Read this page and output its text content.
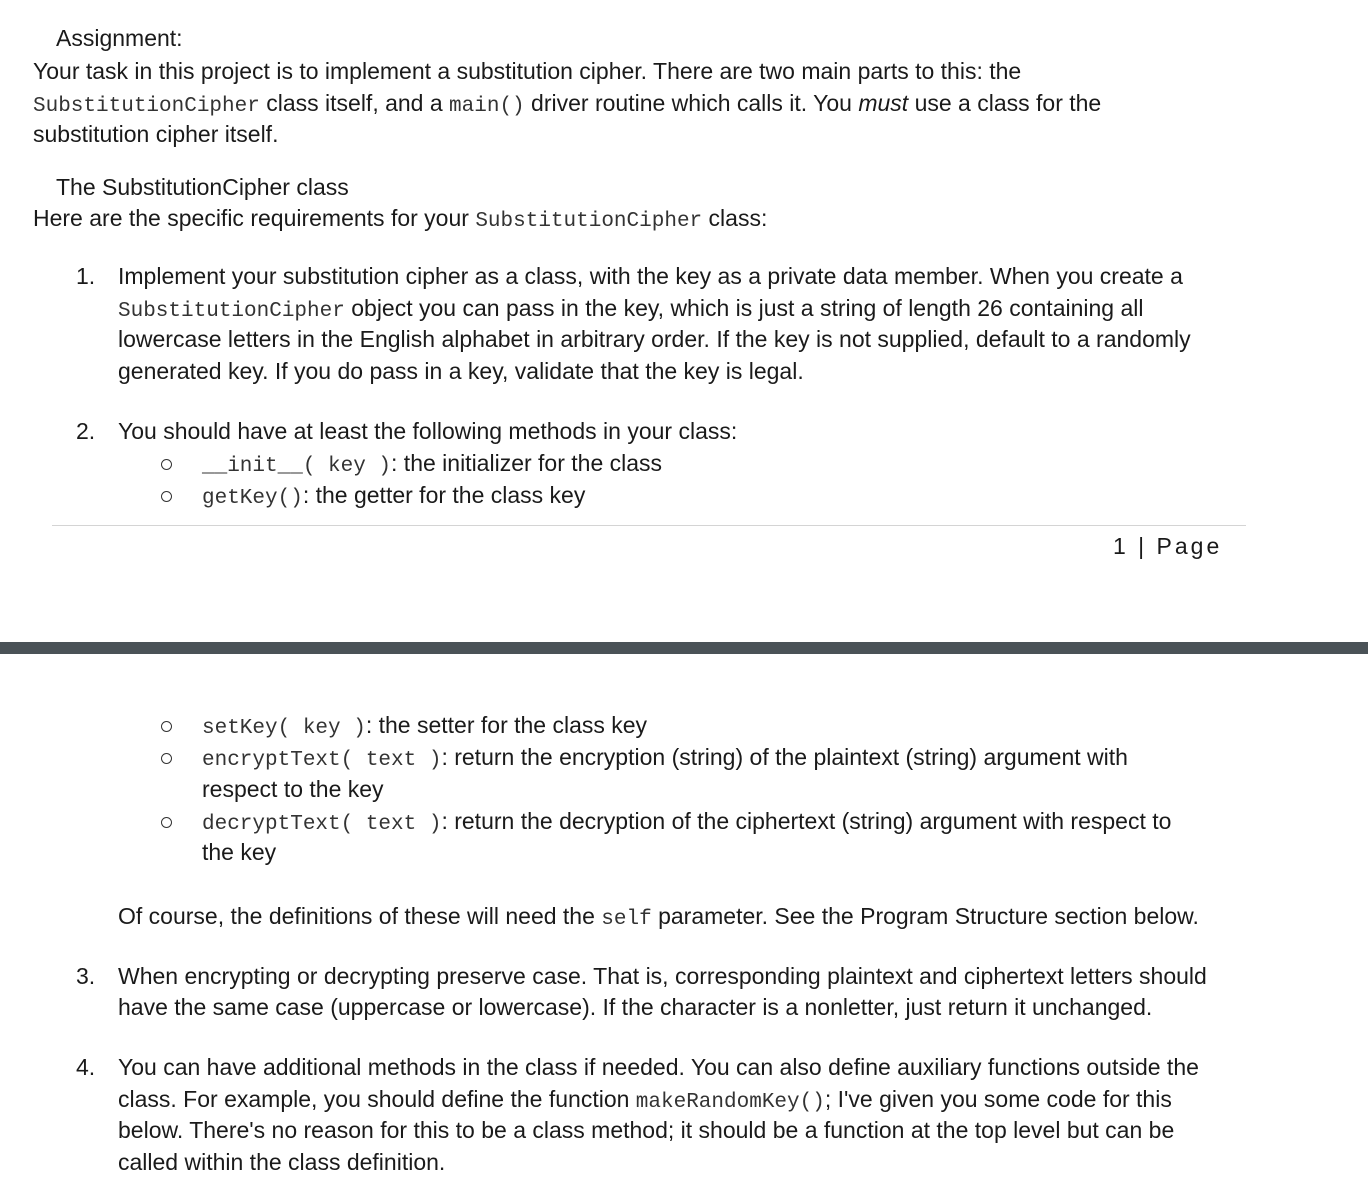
Assignment:
Your task in this project is to implement a substitution cipher. There are two main parts to this: the
SubstitutionCipher class itself, and a main() driver routine which calls it. You must use a class for the
substitution cipher itself.
The SubstitutionCipher class
Here are the specific requirements for your SubstitutionCipher class:
1. Implement your substitution cipher as a class, with the key as a private data member. When you create a
SubstitutionCipher object you can pass in the key, which is just a string of length 26 containing all
lowercase letters in the English alphabet in arbitrary order. If the key is not supplied, default to a randomly
generated key. If you do pass in a key, validate that the key is legal.
2. You should have at least the following methods in your class:
__init__( key ): the initializer for the class
getKey(): the getter for the class key
1 | Page
setKey( key ): the setter for the class key
encryptText( text ): return the encryption (string) of the plaintext (string) argument with
respect to the key
decryptText( text ): return the decryption of the ciphertext (string) argument with respect to
the key
Of course, the definitions of these will need the self parameter. See the Program Structure section below.
3. When encrypting or decrypting preserve case. That is, corresponding plaintext and ciphertext letters should
have the same case (uppercase or lowercase). If the character is a nonletter, just return it unchanged.
4. You can have additional methods in the class if needed. You can also define auxiliary functions outside the
class. For example, you should define the function makeRandomKey(); I've given you some code for this
below. There's no reason for this to be a class method; it should be a function at the top level but can be
called within the class definition.
